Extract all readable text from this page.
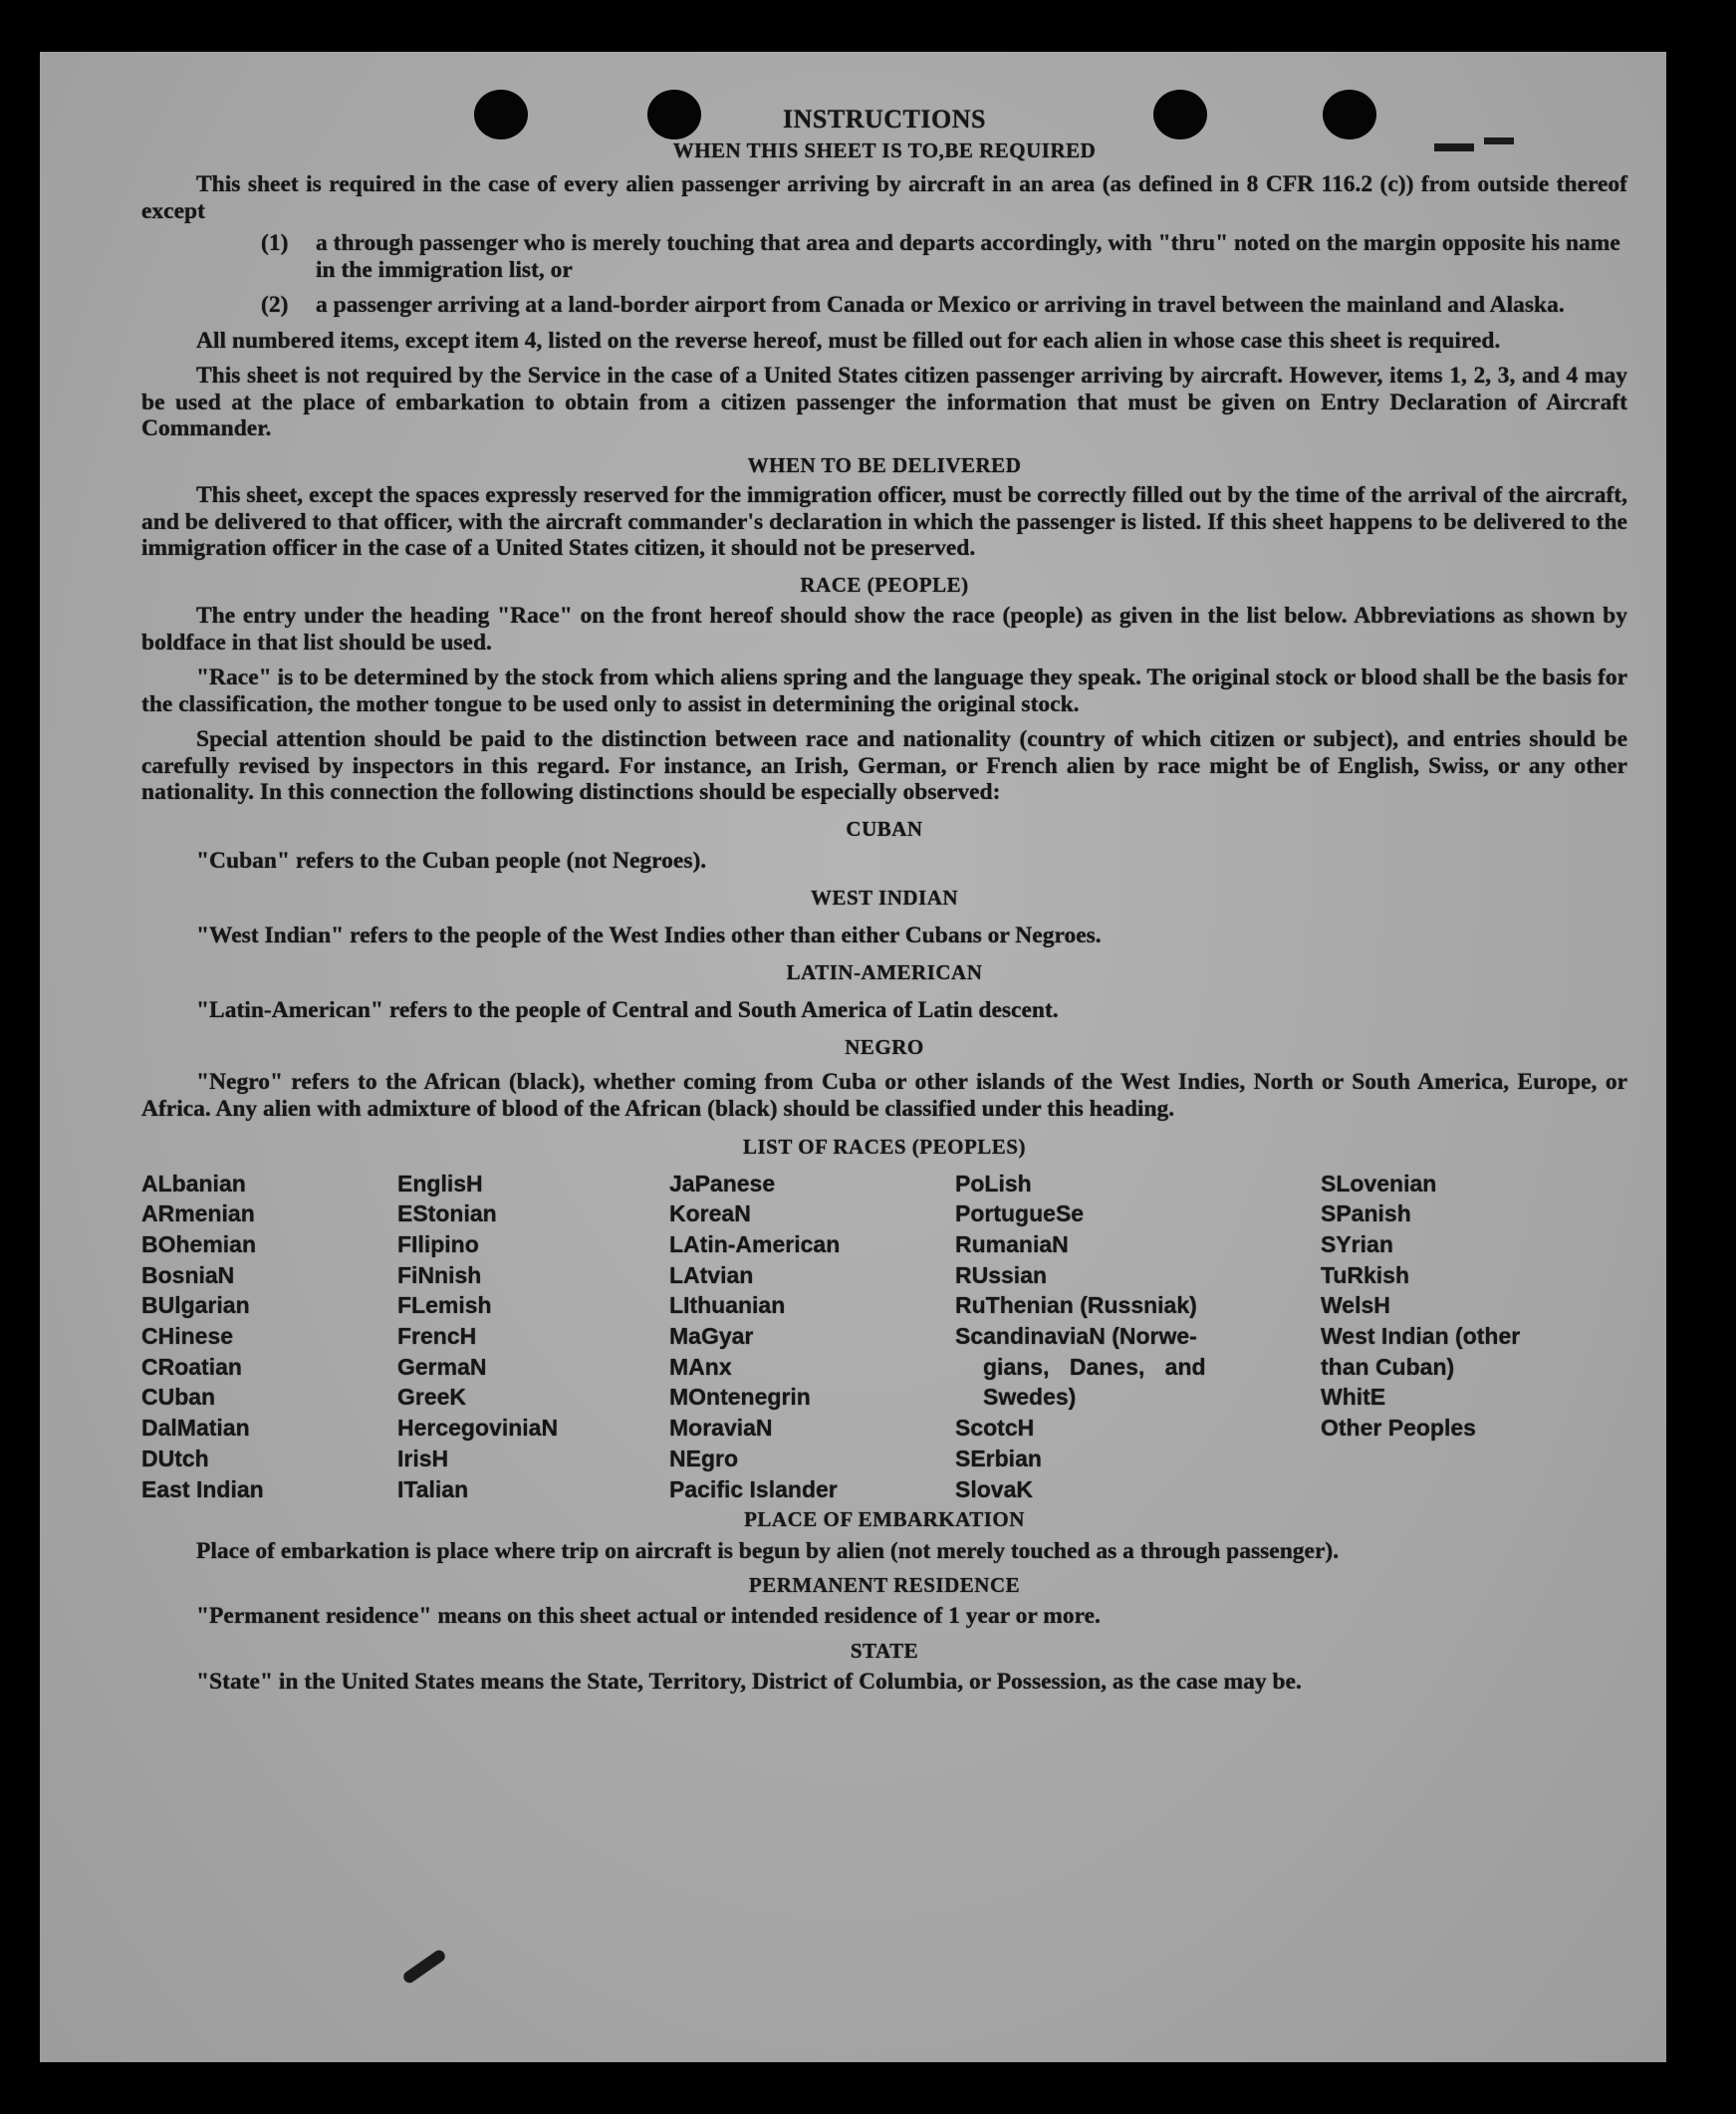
INSTRUCTIONS
WHEN THIS SHEET IS TO,BE REQUIRED

This sheet is required in the case of every alien passenger arriving by aircraft in an area (as defined in 8 CFR 116.2 (c)) from outside thereof except

(1)	a through passenger who is merely touching that area and departs accordingly, with "thru" noted on the margin opposite his name in the immigration list, or
(2)	a passenger arriving at a land-border airport from Canada or Mexico or arriving in travel between the mainland and Alaska.

All numbered items, except item 4, listed on the reverse hereof, must be filled out for each alien in whose case this sheet is required.

This sheet is not required by the Service in the case of a United States citizen passenger arriving by aircraft. However, items 1, 2, 3, and 4 may be used at the place of embarkation to obtain from a citizen passenger the information that must be given on Entry Declaration of Aircraft Commander.

WHEN TO BE DELIVERED

This sheet, except the spaces expressly reserved for the immigration officer, must be correctly filled out by the time of the arrival of the aircraft, and be delivered to that officer, with the aircraft commander's declaration in which the passenger is listed. If this sheet happens to be delivered to the immigration officer in the case of a United States citizen, it should not be preserved.

RACE (PEOPLE)

The entry under the heading "Race" on the front hereof should show the race (people) as given in the list below. Abbreviations as shown by boldface in that list should be used.

"Race" is to be determined by the stock from which aliens spring and the language they speak. The original stock or blood shall be the basis for the classification, the mother tongue to be used only to assist in determining the original stock.

Special attention should be paid to the distinction between race and nationality (country of which citizen or subject), and entries should be carefully revised by inspectors in this regard. For instance, an Irish, German, or French alien by race might be of English, Swiss, or any other nationality. In this connection the following distinctions should be especially observed:

CUBAN

"Cuban" refers to the Cuban people (not Negroes).

WEST INDIAN

"West Indian" refers to the people of the West Indies other than either Cubans or Negroes.

LATIN-AMERICAN

"Latin-American" refers to the people of Central and South America of Latin descent.

NEGRO

"Negro" refers to the African (black), whether coming from Cuba or other islands of the West Indies, North or South America, Europe, or Africa. Any alien with admixture of blood of the African (black) should be classified under this heading.

LIST OF RACES (PEOPLES)
ALbanian
ARmenian
BOhemian
BosniaN
BUlgarian
CHinese
CRoatian
CUban
DalMatian
DUtch
East Indian
EnglisH
EStonian
FIlipino
FiNnish
FLemish
FrencH
GermaN
GreeK
HercegoviniaN
IrisH
ITalian
JaPanese
KoreaN
LAtin-American
LAtvian
LIthuanian
MaGyar
MAnx
MOntenegrin
MoraviaN
NEgro
Pacific Islander
PoLish
PortugueSe
RumaniaN
RUssian
RuThenian (Russniak)
ScandinaviaN (Norwe-
gians, Danes, and
Swedes)
ScotcH
SErbian
SlovaK
SLovenian
SPanish
SYrian
TuRkish
WelsH
West Indian (other
than Cuban)
WhitE
Other Peoples
PLACE OF EMBARKATION

Place of embarkation is place where trip on aircraft is begun by alien (not merely touched as a through passenger).

PERMANENT RESIDENCE

"Permanent residence" means on this sheet actual or intended residence of 1 year or more.

STATE

"State" in the United States means the State, Territory, District of Columbia, or Possession, as the case may be.
